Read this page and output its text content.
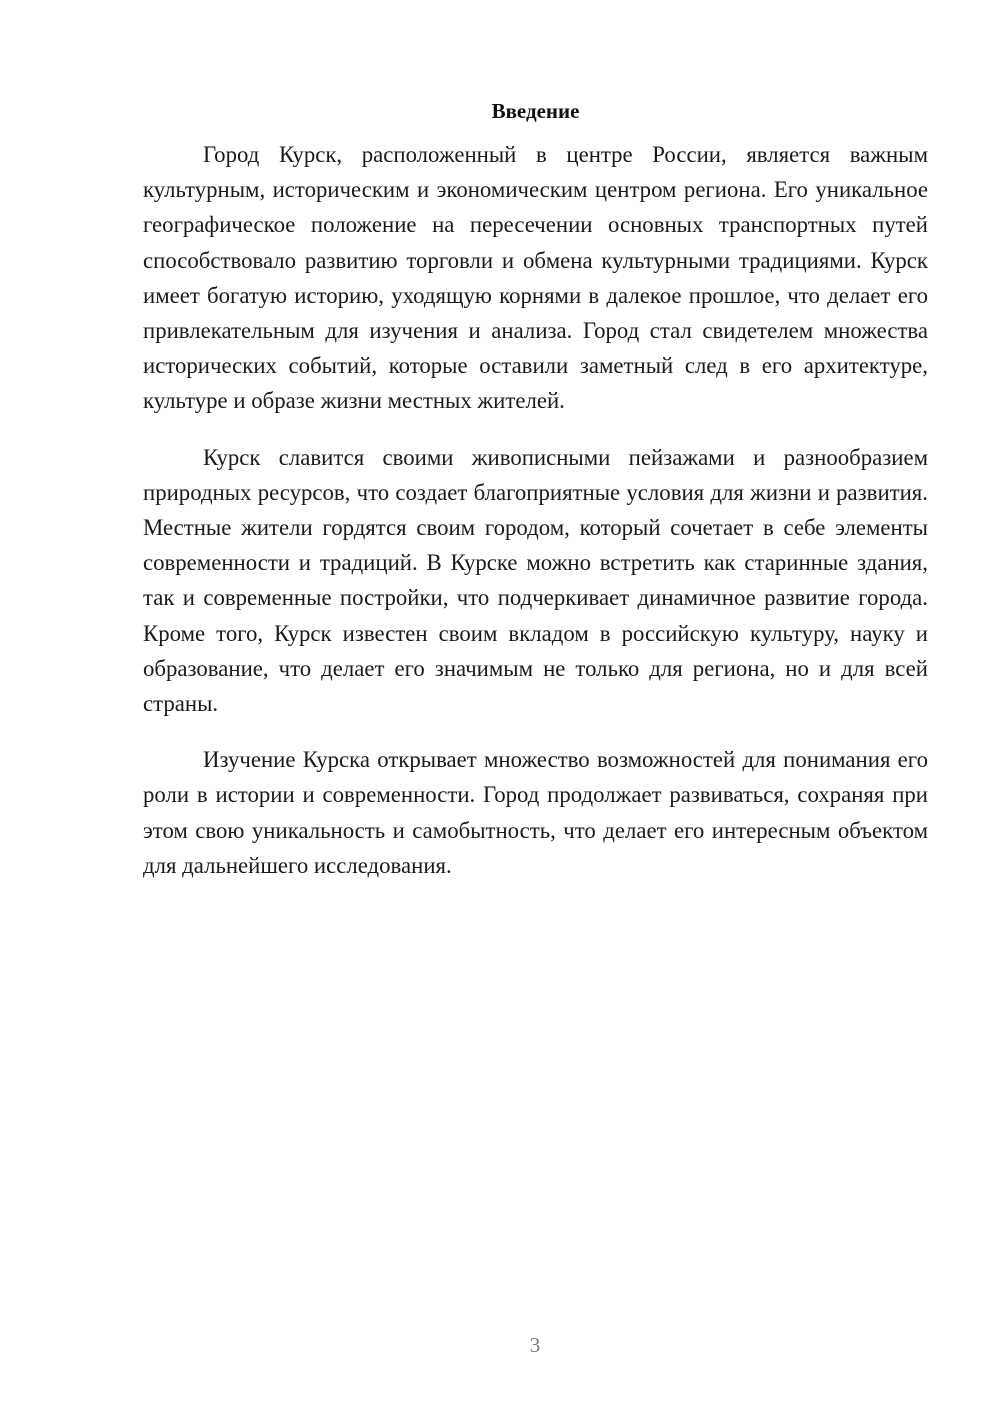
Введение

Город Курск, расположенный в центре России, является важным культурным, историческим и экономическим центром региона. Его уникальное географическое положение на пересечении основных транспортных путей способствовало развитию торговли и обмена культурными традициями. Курск имеет богатую историю, уходящую корнями в далекое прошлое, что делает его привлекательным для изучения и анализа. Город стал свидетелем множества исторических событий, которые оставили заметный след в его архитектуре, культуре и образе жизни местных жителей.

Курск славится своими живописными пейзажами и разнообразием природных ресурсов, что создает благоприятные условия для жизни и развития. Местные жители гордятся своим городом, который сочетает в себе элементы современности и традиций. В Курске можно встретить как старинные здания, так и современные постройки, что подчеркивает динамичное развитие города. Кроме того, Курск известен своим вкладом в российскую культуру, науку и образование, что делает его значимым не только для региона, но и для всей страны.

Изучение Курска открывает множество возможностей для понимания его роли в истории и современности. Город продолжает развиваться, сохраняя при этом свою уникальность и самобытность, что делает его интересным объектом для дальнейшего исследования.

3
